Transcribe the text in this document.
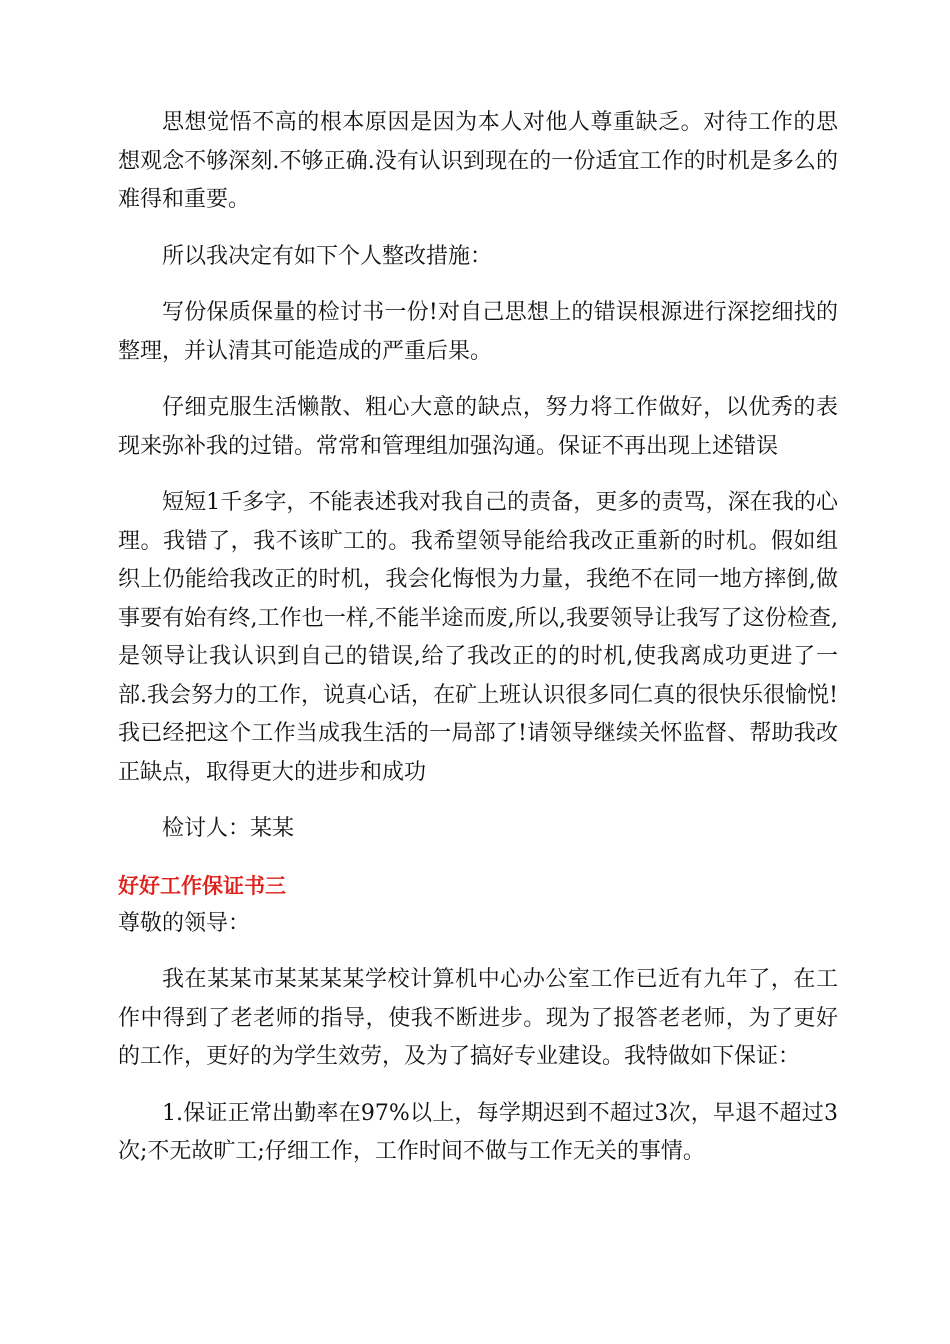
思想觉悟不高的根本原因是因为本人对他人尊重缺乏。对待工作的思想观念不够深刻.不够正确.没有认识到现在的一份适宜工作的时机是多么的难得和重要。

所以我决定有如下个人整改措施：

写份保质保量的检讨书一份!对自己思想上的错误根源进行深挖细找的整理，并认清其可能造成的严重后果。

仔细克服生活懒散、粗心大意的缺点，努力将工作做好，以优秀的表现来弥补我的过错。常常和管理组加强沟通。保证不再出现上述错误

短短1千多字，不能表述我对我自己的责备，更多的责骂，深在我的心理。我错了，我不该旷工的。我希望领导能给我改正重新的时机。假如组织上仍能给我改正的时机，我会化悔恨为力量，我绝不在同一地方摔倒,做事要有始有终,工作也一样,不能半途而废,所以,我要领导让我写了这份检查,是领导让我认识到自己的错误,给了我改正的的时机,使我离成功更进了一部.我会努力的工作，说真心话，在矿上班认识很多同仁真的很快乐很愉悦!我已经把这个工作当成我生活的一局部了!请领导继续关怀监督、帮助我改正缺点，取得更大的进步和成功

检讨人：某某

好好工作保证书三

尊敬的领导：

我在某某市某某某某学校计算机中心办公室工作已近有九年了，在工作中得到了老老师的指导，使我不断进步。现为了报答老老师，为了更好的工作，更好的为学生效劳，及为了搞好专业建设。我特做如下保证：

1.保证正常出勤率在97%以上，每学期迟到不超过3次，早退不超过3次;不无故旷工;仔细工作，工作时间不做与工作无关的事情。
